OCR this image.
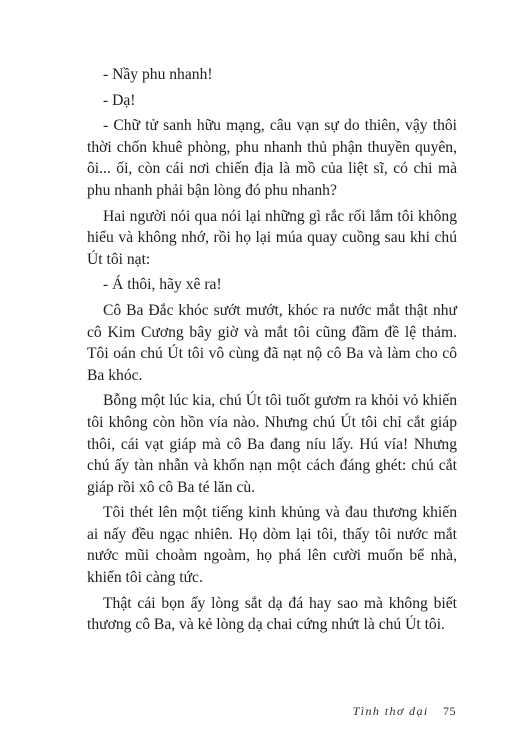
- Nầy phu nhanh!

- Dạ!

- Chữ tử sanh hữu mạng, câu vạn sự do thiên, vậy thôi thời chốn khuê phòng, phu nhanh thủ phận thuyền quyên, ôi... ối, còn cái nơi chiến địa là mồ của liệt sĩ, có chi mà phu nhanh phải bận lòng đó phu nhanh?

Hai người nói qua nói lại những gì rắc rối lắm tôi không hiểu và không nhớ, rồi họ lại múa quay cuồng sau khi chú Út tôi nạt:

- Á thôi, hãy xê ra!

Cô Ba Đắc khóc sướt mướt, khóc ra nước mắt thật như cô Kim Cương bây giờ và mắt tôi cũng đầm đề lệ thảm. Tôi oán chú Út tôi vô cùng đã nạt nộ cô Ba và làm cho cô Ba khóc.

Bỗng một lúc kia, chú Út tôi tuốt gươm ra khỏi vỏ khiến tôi không còn hồn vía nào. Nhưng chú Út tôi chỉ cắt giáp thôi, cái vạt giáp mà cô Ba đang níu lấy. Hú vía! Nhưng chú ấy tàn nhẫn và khốn nạn một cách đáng ghét: chú cắt giáp rồi xô cô Ba té lăn cù.

Tôi thét lên một tiếng kinh khủng và đau thương khiến ai nấy đều ngạc nhiên. Họ dòm lại tôi, thấy tôi nước mắt nước mũi choàm ngoàm, họ phá lên cười muốn bể nhà, khiến tôi càng tức.

Thật cái bọn ấy lòng sắt dạ đá hay sao mà không biết thương cô Ba, và kẻ lòng dạ chai cứng nhứt là chú Út tôi.

Tình thơ dại 75
